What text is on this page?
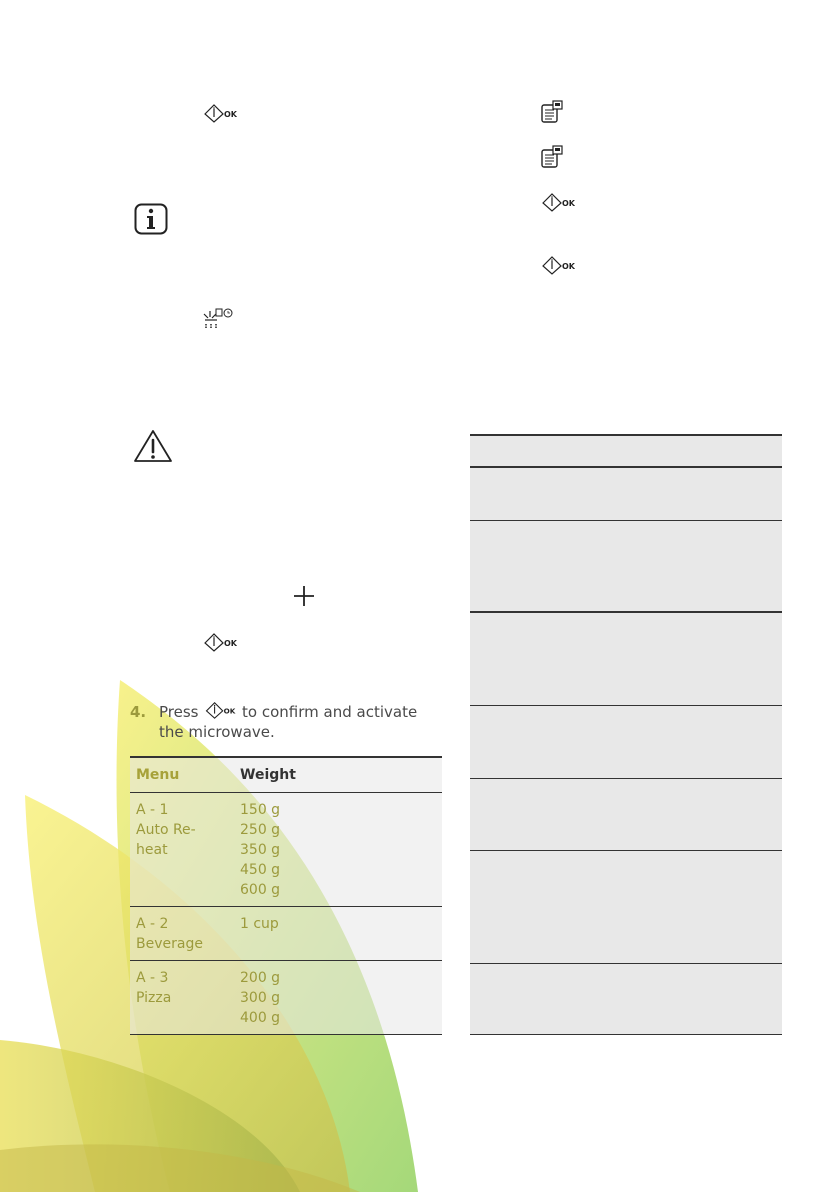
OK
OK
4. Press	OK to confirm and activate
the microwave.
Menu	Weight
A - 1
Auto Re-
heat
150 g
250 g
350 g
450 g
600 g
A - 2
Beverage
1 cup
A - 3
Pizza
200 g
300 g
400 g
OK
OK
